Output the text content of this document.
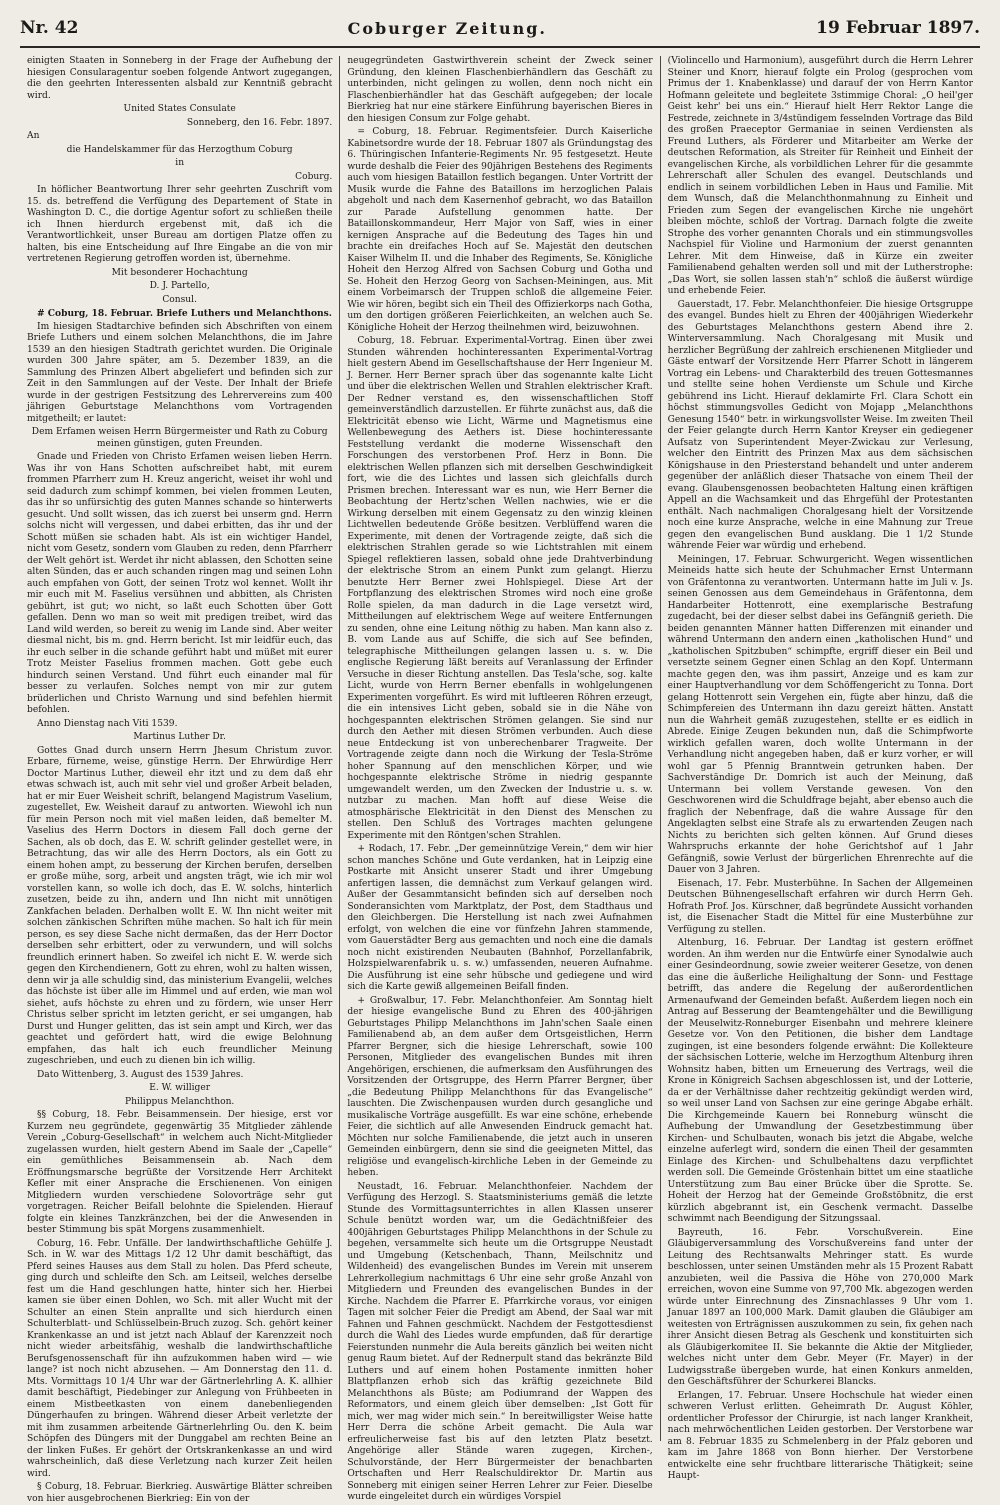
Nr. 42	Coburger Zeitung.	19 Februar 1897.

einigten Staaten in Sonneberg in der Frage der Aufhebung der hiesigen Consularagentur soeben folgende Antwort zugegangen, die den geehrten Interessenten alsbald zur Kenntniß gebracht wird.

United States Consulate

Sonneberg, den 16. Febr. 1897.

An

die Handelskammer für das Herzogthum Coburg

in

Coburg.

In höflicher Beantwortung Ihrer sehr geehrten Zuschrift vom 15. ds. betreffend die Verfügung des Departement of State in Washington D. C., die dortige Agentur sofort zu schließen theile ich Ihnen hierdurch ergebenst mit, daß ich die Verantwortlichkeit, unser Bureau am dortigen Platze offen zu halten, bis eine Entscheidung auf Ihre Eingabe an die von mir vertretenen Regierung getroffen worden ist, übernehme.

Mit besonderer Hochachtung

D. J. Partello,

Consul.

# Coburg, 18. Februar. Briefe Luthers und Melanchthons.

Im hiesigen Stadtarchive befinden sich Abschriften von einem Briefe Luthers und einem solchen Melanchthons, die im Jahre 1539 an den hiesigen Stadtrath gerichtet wurden. Die Originale wurden 300 Jahre später, am 5. Dezember 1839, an die Sammlung des Prinzen Albert abgeliefert und befinden sich zur Zeit in den Sammlungen auf der Veste. Der Inhalt der Briefe wurde in der gestrigen Festsitzung des Lehrervereins zum 400 jährigen Geburtstage Melanchthons vom Vortragenden mitgetheilt; er lautet:

Dem Erfamen weisen Herrn Bürgermeister und Rath zu Coburg meinen günstigen, guten Freunden.

Gnade und Frieden von Christo Erfamen weisen lieben Herrn. Was ihr von Hans Schotten aufschreibet habt, mit eurem frommen Pfarrherr zum H. Kreuz angericht, weiset ihr wohl und seid dadurch zum schimpf kommen, bei vielen frommen Leuten, das ihr so unfürsichtig des guten Mannes schande so hinterwerts gesucht. Und sollt wissen, das ich zuerst bei unserm gnd. Herrn solchs nicht will vergessen, und dabei erbitten, das ihr und der Schott müßen sie schaden habt. Als ist ein wichtiger Handel, nicht vom Gesetz, sondern vom Glauben zu reden, denn Pfarrherr der Welt gehört ist. Werdet ihr nicht ablassen, den Schotten seine alten Sünden, das er auch schanden ringen mag und seinen Lohn auch empfahen von Gott, der seinen Trotz wol kennet. Wollt ihr mir euch mit M. Faselius versühnen und abbitten, als Christen gebührt, ist gut; wo nicht, so laßt euch Schotten über Gott gefallen. Denn wo man so weit mit predigen treibet, wird das Land wild werden, so bereit zu wenig im Lande sind. Aber weiter diesmal nicht, bis m. gnd. Herrn bericht. Ist mir leidfür euch, das ihr euch selber in die schande geführt habt und müßet mit eurer Trotz Meister Faselius frommen machen. Gott gebe euch hindurch seinen Verstand. Und führt euch einander mal für besser zu verlaufen. Solches nempt von mir zur gutem brüderlichen und Christo Warnung und sind befehlen hiermit befohlen.

Anno Dienstag nach Viti 1539.

Martinus Luther Dr.

Gottes Gnad durch unsern Herrn Jhesum Christum zuvor. Erbare, fürneme, weise, günstige Herrn. Der Ehrwürdige Herr Doctor Martinus Luther, dieweil ehr itzt und zu dem daß ehr etwas schwach ist, auch mit sehr viel und großer Arbeit beladen, hat er mir Euer Weisheit schrift, belangend Magistrum Vaselium, zugestellet, Ew. Weisheit darauf zu antworten. Wiewohl ich nun für mein Person noch mit viel maßen leiden, daß bemelter M. Vaselius des Herrn Doctors in diesem Fall doch gerne der Sachen, als ob doch, das E. W. schrift gelinder gestellet were, in Betrachtung, das wir alle des Herrn Doctors, als ein Gott zu einem hohen ampt, zu besserung der Kirchen berufen, derselben er große mühe, sorg, arbeit und angsten trägt, wie ich mir wol vorstellen kann, so wolle ich doch, das E. W. solchs, hinterlich zusetzen, beide zu ihn, andern und Ihn nicht mit unnötigen Zankfachen beladen. Derhalben wollt E. W. Ihn nicht weiter mit solchen zänkischen Schriften mühe machen. So halt ich für mein person, es sey diese Sache nicht dermaßen, das der Herr Doctor derselben sehr erbittert, oder zu verwundern, und will solchs freundlich erinnert haben. So zweifel ich nicht E. W. werde sich gegen den Kirchendienern, Gott zu ehren, wohl zu halten wissen, denn wir ja alle schuldig sind, das ministerium Evangelii, welches das höchste ist über alle im Himmel und auf erden, wie man wol siehet, aufs höchste zu ehren und zu fördern, wie unser Herr Christus selber spricht im letzten gericht, er sei umgangen, hab Durst und Hunger gelitten, das ist sein ampt und Kirch, wer das geachtet und gefördert hatt, wird die ewige Belohnung empfahen, das halt ich euch freundlicher Meinung zugeschrieben, und euch zu dienen bin ich willig.

Dato Wittenberg, 3. August des 1539 Jahres.

E. W. williger

Philippus Melanchthon.

§§ Coburg, 18. Febr. Beisammensein. Der hiesige, erst vor Kurzem neu gegründete, gegenwärtig 35 Mitglieder zählende Verein „Coburg-Gesellschaft“ in welchem auch Nicht-Mitglieder zugelassen wurden, hielt gestern Abend im Saale der „Capelle“ ein gemüthliches Beisammensein ab. Nach dem Eröffnungsmarsche begrüßte der Vorsitzende Herr Architekt Kefler mit einer Ansprache die Erschienenen. Von einigen Mitgliedern wurden verschiedene Solovorträge sehr gut vorgetragen. Reicher Beifall belohnte die Spielenden. Hierauf folgte ein kleines Tanzkränzchen, bei der die Anwesenden in bester Stimmung bis spät Morgens zusammenhielt.

Coburg, 16. Febr. Unfälle. Der landwirthschaftliche Gehülfe J. Sch. in W. war des Mittags 1/2 12 Uhr damit beschäftigt, das Pferd seines Hauses aus dem Stall zu holen. Das Pferd scheute, ging durch und schleifte den Sch. am Leitseil, welches derselbe fest um die Hand geschlungen hatte, hinter sich her. Hierbei kamen sie über einen Dohlen, wo Sch. mit aller Wucht mit der Schulter an einen Stein anprallte und sich hierdurch einen Schulterblatt- und Schlüsselbein-Bruch zuzog. Sch. gehört keiner Krankenkasse an und ist jetzt nach Ablauf der Karenzzeit noch nicht wieder arbeitsfähig, weshalb die landwirthschaftliche Berufsgenossenschaft für ihn aufzukommen haben wird — wie lange? ist noch nicht abzusehen. — Am Donnerstag den 11. d. Mts. Vormittags 10 1/4 Uhr war der Gärtnerlehrling A. K. allhier damit beschäftigt, Piedebinger zur Anlegung von Frühbeeten in einem Mistbeetkasten von einem danebenliegenden Düngerhaufen zu bringen. Während dieser Arbeit verletzte der mit ihm zusammen arbeitende Gärtnerlehrling Ou. den K. beim Schöpfen des Düngers mit der Dunggabel am rechten Beine an der linken Fußes. Er gehört der Ortskrankenkasse an und wird wahrscheinlich, daß diese Verletzung nach kurzer Zeit heilen wird.

§ Coburg, 18. Februar. Bierkrieg. Auswärtige Blätter schreiben von hier ausgebrochenen Bierkrieg: Ein von der

neugegründeten Gastwirthverein scheint der Zweck seiner Gründung, den kleinen Flaschenbierhändlern das Geschäft zu unterbinden, nicht gelingen zu wollen, denn noch nicht ein Flaschenbierhändler hat das Geschäft aufgegeben; der locale Bierkrieg hat nur eine stärkere Einführung bayerischen Bieres in den hiesigen Consum zur Folge gehabt.

= Coburg, 18. Februar. Regimentsfeier. Durch Kaiserliche Kabinetsordre wurde der 18. Februar 1807 als Gründungstag des 6. Thüringischen Infanterie-Regiments Nr. 95 festgesetzt. Heute wurde deshalb die Feier des 90jährigen Bestehens des Regiments auch vom hiesigen Bataillon festlich begangen. Unter Vortritt der Musik wurde die Fahne des Bataillons im herzoglichen Palais abgeholt und nach dem Kasernenhof gebracht, wo das Bataillon zur Parade Aufstellung genommen hatte. Der Bataillonskommandeur, Herr Major von Saff, wies in einer kernigen Ansprache auf die Bedeutung des Tages hin und brachte ein dreifaches Hoch auf Se. Majestät den deutschen Kaiser Wilhelm II. und die Inhaber des Regiments, Se. Königliche Hoheit den Herzog Alfred von Sachsen Coburg und Gotha und Se. Hoheit den Herzog Georg von Sachsen-Meiningen, aus. Mit einem Vorbeimarsch der Truppen schloß die allgemeine Feier. Wie wir hören, begibt sich ein Theil des Offizierkorps nach Gotha, um den dortigen größeren Feierlichkeiten, an welchen auch Se. Königliche Hoheit der Herzog theilnehmen wird, beizuwohnen.

Coburg, 18. Februar. Experimental-Vortrag. Einen über zwei Stunden währenden hochinteressanten Experimental-Vortrag hielt gestern Abend im Gesellschaftshause der Herr Ingenieur M. J. Berner. Herr Berner sprach über das sogenannte kalte Licht und über die elektrischen Wellen und Strahlen elektrischer Kraft. Der Redner verstand es, den wissenschaftlichen Stoff gemeinverständlich darzustellen. Er führte zunächst aus, daß die Elektricität ebenso wie Licht, Wärme und Magnetismus eine Wellenbewegung des Aethers ist. Diese hochinteressante Feststellung verdankt die moderne Wissenschaft den Forschungen des verstorbenen Prof. Herz in Bonn. Die elektrischen Wellen pflanzen sich mit derselben Geschwindigkeit fort, wie die des Lichtes und lassen sich gleichfalls durch Prismen brechen. Interessant war es nun, wie Herr Berner die Beobachtung der Hertz'schen Wellen nachwies, wie er die Wirkung derselben mit einem Gegensatz zu den winzig kleinen Lichtwellen bedeutende Größe besitzen. Verblüffend waren die Experimente, mit denen der Vortragende zeigte, daß sich die elektrischen Strahlen gerade so wie Lichtstrahlen mit einem Spiegel reflektieren lassen, sobald ohne jede Drahtverbindung der elektrische Strom an einem Punkt zum gelangt. Hierzu benutzte Herr Berner zwei Hohlspiegel. Diese Art der Fortpflanzung des elektrischen Stromes wird noch eine große Rolle spielen, da man dadurch in die Lage versetzt wird, Mittheilungen auf elektrischem Wege auf weitere Entfernungen zu senden, ohne eine Leitung nöthig zu haben. Man kann also z. B. vom Lande aus auf Schiffe, die sich auf See befinden, telegraphische Mittheilungen gelangen lassen u. s. w. Die englische Regierung läßt bereits auf Veranlassung der Erfinder Versuche in dieser Richtung anstellen. Das Tesla'sche, sog. kalte Licht, wurde von Herrn Berner ebenfalls in wohlgelungenen Experimenten vorgeführt. Es wird mit luftleeren Röhren erzeugt, die ein intensives Licht geben, sobald sie in die Nähe von hochgespannten elektrischen Strömen gelangen. Sie sind nur durch den Aether mit diesen Strömen verbunden. Auch diese neue Entdeckung ist von unberechenbarer Tragweite. Der Vortragende zeigte dann noch die Wirkung der Tesla-Ströme hoher Spannung auf den menschlichen Körper, und wie hochgespannte elektrische Ströme in niedrig gespannte umgewandelt werden, um den Zwecken der Industrie u. s. w. nutzbar zu machen. Man hofft auf diese Weise die atmosphärische Elektricität in den Dienst des Menschen zu stellen. Den Schluß des Vortrages machten gelungene Experimente mit den Röntgen'schen Strahlen.

+ Rodach, 17. Febr. „Der gemeinnützige Verein,“ dem wir hier schon manches Schöne und Gute verdanken, hat in Leipzig eine Postkarte mit Ansicht unserer Stadt und ihrer Umgebung anfertigen lassen, die demnächst zum Verkauf gelangen wird. Außer der Gesammtansicht befinden sich auf derselben noch Sonderansichten vom Marktplatz, der Post, dem Stadthaus und den Gleichbergen. Die Herstellung ist nach zwei Aufnahmen erfolgt, von welchen die eine vor fünfzehn Jahren stammende, vom Gauerstädter Berg aus gemachten und noch eine die damals noch nicht existirenden Neubauten (Bahnhof, Porzellanfabrik, Holzspielwarenfabrik u. s. w.) umfassenden, neueren Aufnahme. Die Ausführung ist eine sehr hübsche und gediegene und wird sich die Karte gewiß allgemeinen Beifall finden.

+ Großwalbur, 17. Febr. Melanchthonfeier. Am Sonntag hielt der hiesige evangelische Bund zu Ehren des 400-jährigen Geburtstages Philipp Melanchthons im Jahn'schen Saale einen Familienabend ab, an dem außer dem Ortsgeistlichen, Herrn Pfarrer Bergner, sich die hiesige Lehrerschaft, sowie 100 Personen, Mitglieder des evangelischen Bundes mit ihren Angehörigen, erschienen, die aufmerksam den Ausführungen des Vorsitzenden der Ortsgruppe, des Herrn Pfarrer Bergner, über „die Bedeutung Philipp Melanchthons für das Evangelische“ lauschten. Die Zwischenpausen wurden durch gesangliche und musikalische Vorträge ausgefüllt. Es war eine schöne, erhebende Feier, die sichtlich auf alle Anwesenden Eindruck gemacht hat. Möchten nur solche Familienabende, die jetzt auch in unseren Gemeinden einbürgern, denn sie sind die geeigneten Mittel, das religiöse und evangelisch-kirchliche Leben in der Gemeinde zu heben.

Neustadt, 16. Februar. Melanchthonfeier. Nachdem der Verfügung des Herzogl. S. Staatsministeriums gemäß die letzte Stunde des Vormittagsunterrichtes in allen Klassen unserer Schule benützt worden war, um die Gedächtnißfeier des 400jährigen Geburtstages Philipp Melanchthons in der Schule zu begehen, versammelte sich heute um die Ortsgruppe Neustadt und Umgebung (Ketschenbach, Thann, Meilschnitz und Wildenheid) des evangelischen Bundes im Verein mit unserem Lehrerkollegium nachmittags 6 Uhr eine sehr große Anzahl von Mitgliedern und Freunden des evangelischen Bundes in der Kirche. Nachdem die Pfarrer E. Pfarrkirche voraus, vor einigen Tagen mit solcher Feier die Predigt am Abend, der Saal war mit Fahnen und Fahnen geschmückt. Nachdem der Festgottesdienst durch die Wahl des Liedes wurde empfunden, daß für derartige Feierstunden nunmehr die Aula bereits gänzlich bei weiten nicht genug Raum bietet. Auf der Rednerpult stand das bekränzte Bild Luthers und auf einem hohen Postamente inmitten hoher Blattpflanzen erhob sich das kräftig gezeichnete Bild Melanchthons als Büste; am Podiumrand der Wappen des Reformators, und einem gleich über demselben: „Ist Gott für mich, wer mag wider mich sein.“ In bereitwilligster Weise hatte Herr Derra die schöne Arbeit gemacht. Die Aula war erfreulicherweise fast bis auf den letzten Platz besetzt. Angehörige aller Stände waren zugegen, Kirchen-, Schulvorstände, der Herr Bürgermeister der benachbarten Ortschaften und Herr Realschuldirektor Dr. Martin aus Sonneberg mit einigen seiner Herren Lehrer zur Feier. Dieselbe wurde eingeleitet durch ein würdiges Vorspiel

(Violincello und Harmonium), ausgeführt durch die Herrn Lehrer Steiner und Knorr, hierauf folgte ein Prolog (gesprochen vom Primus der 1. Knabenklasse) und darauf der von Herrn Kantor Hofmann geleitete und begleitete 3stimmige Choral: „O heil'ger Geist kehr' bei uns ein.“ Hierauf hielt Herr Rektor Lange die Festrede, zeichnete in 3/4stündigem fesselnden Vortrage das Bild des großen Praeceptor Germaniae in seinen Verdiensten als Freund Luthers, als Förderer und Mitarbeiter am Werke der deutschen Reformation, als Streiter für Reinheit und Einheit der evangelischen Kirche, als vorbildlichen Lehrer für die gesammte Lehrerschaft aller Schulen des evangel. Deutschlands und endlich in seinem vorbildlichen Leben in Haus und Familie. Mit dem Wunsch, daß die Melanchthonmahnung zu Einheit und Frieden zum Segen der evangelischen Kirche nie ungehört bleiben möchte, schloß der Vortrag. Darnach folgte die zweite Strophe des vorher genannten Chorals und ein stimmungsvolles Nachspiel für Violine und Harmonium der zuerst genannten Lehrer. Mit dem Hinweise, daß in Kürze ein zweiter Familienabend gehalten werden soll und mit der Lutherstrophe: „Das Wort, sie sollen lassen stah'n“ schloß die äußerst würdige und erhebende Feier.

Gauerstadt, 17. Febr. Melanchthonfeier. Die hiesige Ortsgruppe des evangel. Bundes hielt zu Ehren der 400jährigen Wiederkehr des Geburtstages Melanchthons gestern Abend ihre 2. Winterversammlung. Nach Choralgesang mit Musik und herzlicher Begrüßung der zahlreich erschienenen Mitglieder und Gäste entwarf der Vorsitzende Herr Pfarrer Schott in längerem Vortrag ein Lebens- und Charakterbild des treuen Gottesmannes und stellte seine hohen Verdienste um Schule und Kirche gebührend ins Licht. Hierauf deklamirte Frl. Clara Schott ein höchst stimmungsvolles Gedicht von Mojapp „Melanchthons Genesung 1540“ betr. in wirkungsvollster Weise. Im zweiten Theil der Feier gelangte durch Herrn Kantor Kreyser ein gediegener Aufsatz von Superintendent Meyer-Zwickau zur Verlesung, welcher den Eintritt des Prinzen Max aus dem sächsischen Königshause in den Priesterstand behandelt und unter anderem gegenüber der anläßlich dieser Thatsache von einem Theil der evang. Glaubensgenossen beobachteten Haltung einen kräftigen Appell an die Wachsamkeit und das Ehrgefühl der Protestanten enthält. Nach nachmaligen Choralgesang hielt der Vorsitzende noch eine kurze Ansprache, welche in eine Mahnung zur Treue gegen den evangelischen Bund ausklang. Die 1 1/2 Stunde währende Feier war würdig und erhebend.

Meiningen, 17. Februar. Schwurgericht. Wegen wissentlichen Meineids hatte sich heute der Schuhmacher Ernst Untermann von Gräfentonna zu verantworten. Untermann hatte im Juli v. Js. seinen Genossen aus dem Gemeindehaus in Gräfentonna, dem Handarbeiter Hottenrott, eine exemplarische Bestrafung zugedacht, bei der dieser selbst dabei ins Gefängniß gerieth. Die beiden genannten Männer hatten Differenzen mit einander und während Untermann den andern einen „katholischen Hund“ und „katholischen Spitzbuben“ schimpfte, ergriff dieser ein Beil und versetzte seinem Gegner einen Schlag an den Kopf. Untermann machte gegen den, was ihm passirt, Anzeige und es kam zur einer Hauptverhandlung vor dem Schöffengericht zu Tonna. Dort gelang Hottenrott sein Vergehen ein, fügte aber hinzu, daß die Schimpfereien des Untermann ihn dazu gereizt hätten. Anstatt nun die Wahrheit gemäß zuzugestehen, stellte er es eidlich in Abrede. Einige Zeugen bekunden nun, daß die Schimpfworte wirklich gefallen waren, doch wollte Untermann in der Verhandlung nicht angegeben haben, daß er kurz vorher, er will wohl gar 5 Pfennig Branntwein getrunken haben. Der Sachverständige Dr. Domrich ist auch der Meinung, daß Untermann bei vollem Verstande gewesen. Von den Geschworenen wird die Schuldfrage bejaht, aber ebenso auch die fraglich der Nebenfrage, daß die wahre Aussage für den Angeklagten selbst eine Strafe als zu erwartenden Zeugen nach Nichts zu berichten sich gelten können. Auf Grund dieses Wahrspruchs erkannte der hohe Gerichtshof auf 1 Jahr Gefängniß, sowie Verlust der bürgerlichen Ehrenrechte auf die Dauer von 3 Jahren.

Eisenach, 17. Febr. Musterbühne. In Sachen der Allgemeinen Deutschen Bühnengesellschaft erfahren wir durch Herrn Geh. Hofrath Prof. Jos. Kürschner, daß begründete Aussicht vorhanden ist, die Eisenacher Stadt die Mittel für eine Musterbühne zur Verfügung zu stellen.

Altenburg, 16. Februar. Der Landtag ist gestern eröffnet worden. An ihm werden nur die Entwürfe einer Synodalwie auch einer Gesindeordnung, sowie zweier weiterer Gesetze, von denen das eine die äußerliche Heilighaltung der Sonn- und Festtage betrifft, das andere die Regelung der außerordentlichen Armenaufwand der Gemeinden befaßt. Außerdem liegen noch ein Antrag auf Besserung der Beamtengehälter und die Bewilligung der Meuselwitz-Ronneburger Eisenbahn und mehrere kleinere Gesetze vor. Von den Petitionen, die bisher dem Landtage zugingen, ist eine besonders folgende erwähnt: Die Kollekteure der sächsischen Lotterie, welche im Herzogthum Altenburg ihren Wohnsitz haben, bitten um Erneuerung des Vertrags, weil die Krone in Königreich Sachsen abgeschlossen ist, und der Lotterie, da er der Verhältnisse daher rechtzeitig gekündigt werden wird, so weil unser Land von Sachsen zur eine geringe Abgabe erhält. Die Kirchgemeinde Kauern bei Ronneburg wünscht die Aufhebung der Umwandlung der Gesetzbestimmung über Kirchen- und Schulbauten, wonach bis jetzt die Abgabe, welche einzelne auferlegt wird, sondern die einen Theil der gesammten Einlage des Kirchen- und Schulbehaltens dazu verpflichtet werden soll. Die Gemeinde Gröstenhain bittet um eine staatliche Unterstützung zum Bau einer Brücke über die Sprotte. Se. Hoheit der Herzog hat der Gemeinde Großstöbnitz, die erst kürzlich abgebrannt ist, ein Geschenk vermacht. Dasselbe schwimmt nach Beendigung der Sitzungssaal.

Bayreuth, 16. Febr. Vorschußverein. Eine Gläubigerversammlung des Vorschußvereins fand unter der Leitung des Rechtsanwalts Mehringer statt. Es wurde beschlossen, unter seinen Umständen mehr als 15 Prozent Rabatt anzubieten, weil die Passiva die Höhe von 270,000 Mark erreichen, wovon eine Summe von 97,700 Mk. abgezogen werden würde unter Einrechnung des Zinsnachlasses 9 Uhr vom 1. Januar 1897 an 100,000 Mark. Damit glauben die Gläubiger am weitesten von Erträgnissen auszukommen zu sein, fix gehen nach ihrer Ansicht diesen Betrag als Geschenk und konstituirten sich als Gläubigerkomitee II. Sie bekannte die Aktie der Mitglieder, welches nicht unter dem Gebr. Meyer (Fr. Mayer) in der Ludwigsstraße übergeben wurde, hat einen Konkurs anmelden, den Geschäftsführer der Schurkerei Blancks.

Erlangen, 17. Februar. Unsere Hochschule hat wieder einen schweren Verlust erlitten. Geheimrath Dr. August Köhler, ordentlicher Professor der Chirurgie, ist nach langer Krankheit, nach mehrwöchentlichen Leiden gestorben. Der Verstorbene war am 8. Februar 1835 zu Schmelenberg in der Pfalz geboren und kam im Jahre 1868 von Bonn hierher. Der Verstorbene entwickelte eine sehr fruchtbare litterarische Thätigkeit; seine Haupt-
